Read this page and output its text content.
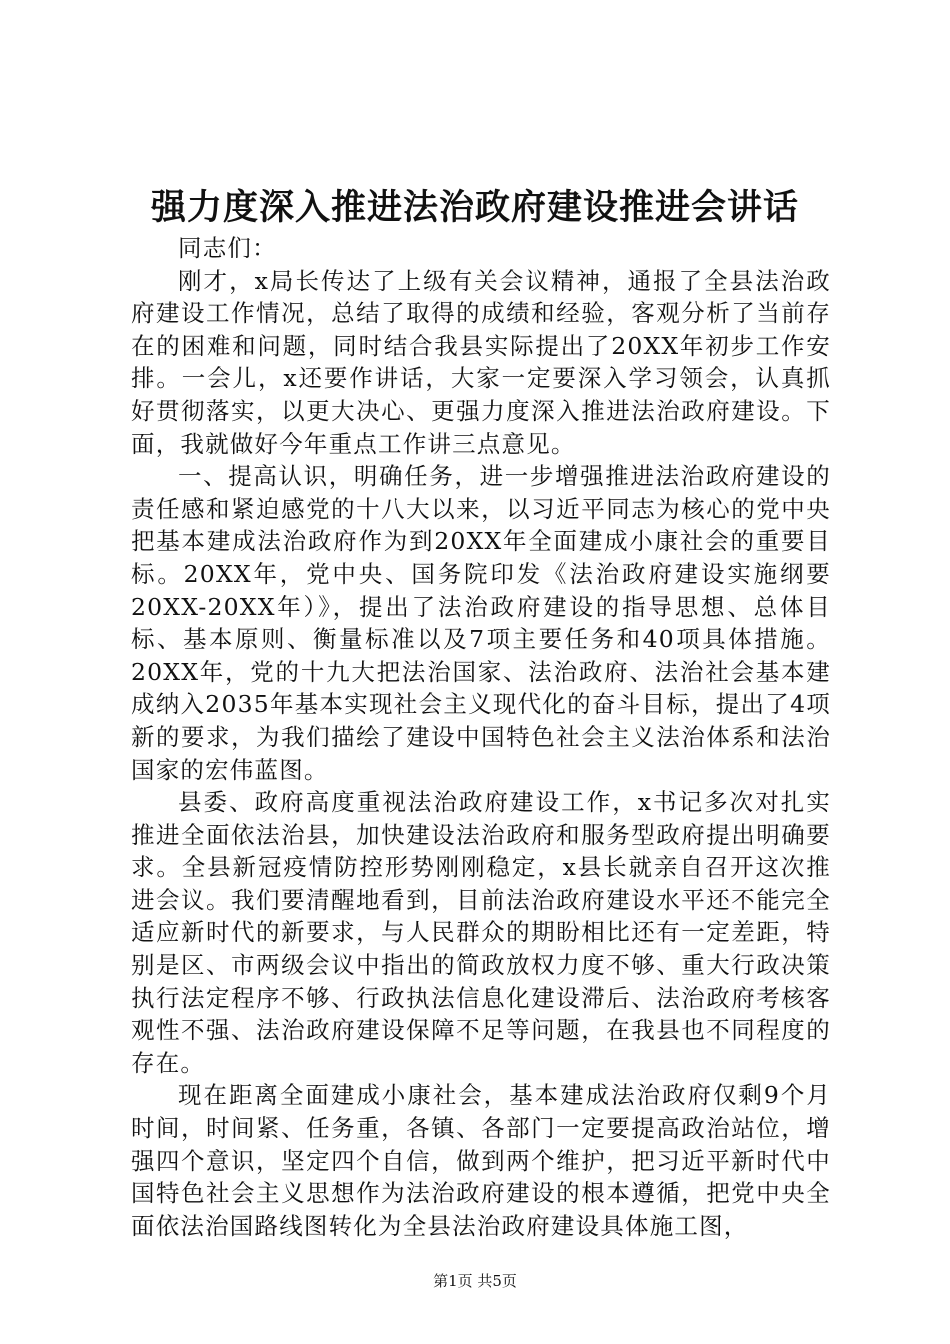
强力度深入推进法治政府建设推进会讲话

同志们：

刚才，x局长传达了上级有关会议精神，通报了全县法治政府建设工作情况，总结了取得的成绩和经验，客观分析了当前存在的困难和问题，同时结合我县实际提出了20XX年初步工作安排。一会儿，x还要作讲话，大家一定要深入学习领会，认真抓好贯彻落实，以更大决心、更强力度深入推进法治政府建设。下面，我就做好今年重点工作讲三点意见。

一、提高认识，明确任务，进一步增强推进法治政府建设的责任感和紧迫感党的十八大以来，以习近平同志为核心的党中央把基本建成法治政府作为到20XX年全面建成小康社会的重要目标。20XX年，党中央、国务院印发《法治政府建设实施纲要20XX-20XX年）》，提出了法治政府建设的指导思想、总体目标、基本原则、衡量标准以及7项主要任务和40项具体措施。20XX年，党的十九大把法治国家、法治政府、法治社会基本建成纳入2035年基本实现社会主义现代化的奋斗目标，提出了4项新的要求，为我们描绘了建设中国特色社会主义法治体系和法治国家的宏伟蓝图。

县委、政府高度重视法治政府建设工作，x书记多次对扎实推进全面依法治县，加快建设法治政府和服务型政府提出明确要求。全县新冠疫情防控形势刚刚稳定，x县长就亲自召开这次推进会议。我们要清醒地看到，目前法治政府建设水平还不能完全适应新时代的新要求，与人民群众的期盼相比还有一定差距，特别是区、市两级会议中指出的简政放权力度不够、重大行政决策执行法定程序不够、行政执法信息化建设滞后、法治政府考核客观性不强、法治政府建设保障不足等问题，在我县也不同程度的存在。

现在距离全面建成小康社会，基本建成法治政府仅剩9个月时间，时间紧、任务重，各镇、各部门一定要提高政治站位，增强四个意识，坚定四个自信，做到两个维护，把习近平新时代中国特色社会主义思想作为法治政府建设的根本遵循，把党中央全面依法治国路线图转化为全县法治政府建设具体施工图，

第1页 共5页
